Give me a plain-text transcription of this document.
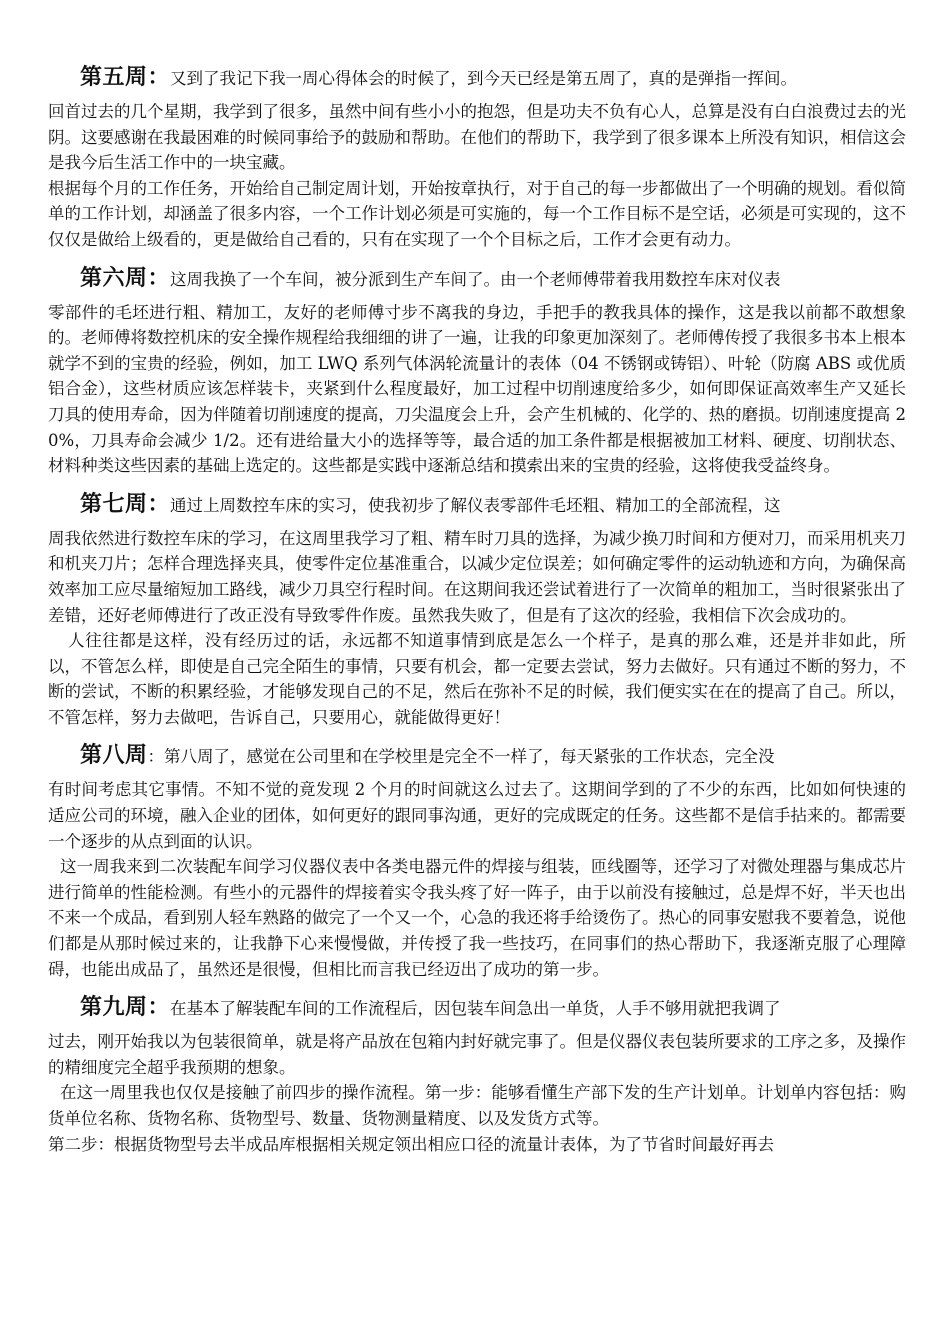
第五周：又到了我记下我一周心得体会的时候了，到今天已经是第五周了，真的是弹指一挥间。

回首过去的几个星期，我学到了很多，虽然中间有些小小的抱怨，但是功夫不负有心人，总算是没有白白浪费过去的光阴。这要感谢在我最困难的时候同事给予的鼓励和帮助。在他们的帮助下，我学到了很多课本上所没有知识，相信这会是我今后生活工作中的一块宝藏。

根据每个月的工作任务，开始给自己制定周计划，开始按章执行，对于自己的每一步都做出了一个明确的规划。看似简单的工作计划，却涵盖了很多内容，一个工作计划必须是可实施的，每一个工作目标不是空话，必须是可实现的，这不仅仅是做给上级看的，更是做给自己看的，只有在实现了一个个目标之后，工作才会更有动力。

第六周：这周我换了一个车间，被分派到生产车间了。由一个老师傅带着我用数控车床对仪表

零部件的毛坯进行粗、精加工，友好的老师傅寸步不离我的身边，手把手的教我具体的操作，这是我以前都不敢想象的。老师傅将数控机床的安全操作规程给我细细的讲了一遍，让我的印象更加深刻了。老师傅传授了我很多书本上根本就学不到的宝贵的经验，例如，加工 LWQ 系列气体涡轮流量计的表体（04 不锈钢或铸铝）、叶轮（防腐 ABS 或优质铝合金），这些材质应该怎样装卡，夹紧到什么程度最好，加工过程中切削速度给多少，如何即保证高效率生产又延长刀具的使用寿命，因为伴随着切削速度的提高，刀尖温度会上升，会产生机械的、化学的、热的磨损。切削速度提高 20%，刀具寿命会减少 1/2。还有进给量大小的选择等等，最合适的加工条件都是根据被加工材料、硬度、切削状态、材料种类这些因素的基础上选定的。这些都是实践中逐渐总结和摸索出来的宝贵的经验，这将使我受益终身。

第七周：通过上周数控车床的实习，使我初步了解仪表零部件毛坯粗、精加工的全部流程，这

周我依然进行数控车床的学习，在这周里我学习了粗、精车时刀具的选择，为减少换刀时间和方便对刀，而采用机夹刀和机夹刀片；怎样合理选择夹具，使零件定位基准重合，以减少定位误差；如何确定零件的运动轨迹和方向，为确保高效率加工应尽量缩短加工路线，减少刀具空行程时间。在这期间我还尝试着进行了一次简单的粗加工，当时很紧张出了差错，还好老师傅进行了改正没有导致零件作废。虽然我失败了，但是有了这次的经验，我相信下次会成功的。

人往往都是这样，没有经历过的话，永远都不知道事情到底是怎么一个样子，是真的那么难，还是并非如此，所以，不管怎么样，即使是自己完全陌生的事情，只要有机会，都一定要去尝试，努力去做好。只有通过不断的努力，不断的尝试，不断的积累经验，才能够发现自己的不足，然后在弥补不足的时候，我们便实实在在的提高了自己。所以，不管怎样，努力去做吧，告诉自己，只要用心，就能做得更好！

第八周：第八周了，感觉在公司里和在学校里是完全不一样了，每天紧张的工作状态，完全没

有时间考虑其它事情。不知不觉的竟发现 2 个月的时间就这么过去了。这期间学到的了不少的东西，比如如何快速的适应公司的环境，融入企业的团体，如何更好的跟同事沟通，更好的完成既定的任务。这些都不是信手拈来的。都需要一个逐步的从点到面的认识。

这一周我来到二次装配车间学习仪器仪表中各类电器元件的焊接与组装，匝线圈等，还学习了对微处理器与集成芯片进行简单的性能检测。有些小的元器件的焊接着实令我头疼了好一阵子，由于以前没有接触过，总是焊不好，半天也出不来一个成品，看到别人轻车熟路的做完了一个又一个，心急的我还将手给烫伤了。热心的同事安慰我不要着急，说他们都是从那时候过来的，让我静下心来慢慢做，并传授了我一些技巧，在同事们的热心帮助下，我逐渐克服了心理障碍，也能出成品了，虽然还是很慢，但相比而言我已经迈出了成功的第一步。

第九周：在基本了解装配车间的工作流程后，因包装车间急出一单货，人手不够用就把我调了

过去，刚开始我以为包装很简单，就是将产品放在包箱内封好就完事了。但是仪器仪表包装所要求的工序之多，及操作的精细度完全超乎我预期的想象。

在这一周里我也仅仅是接触了前四步的操作流程。第一步：能够看懂生产部下发的生产计划单。计划单内容包括：购货单位名称、货物名称、货物型号、数量、货物测量精度、以及发货方式等。

第二步：根据货物型号去半成品库根据相关规定领出相应口径的流量计表体，为了节省时间最好再去
